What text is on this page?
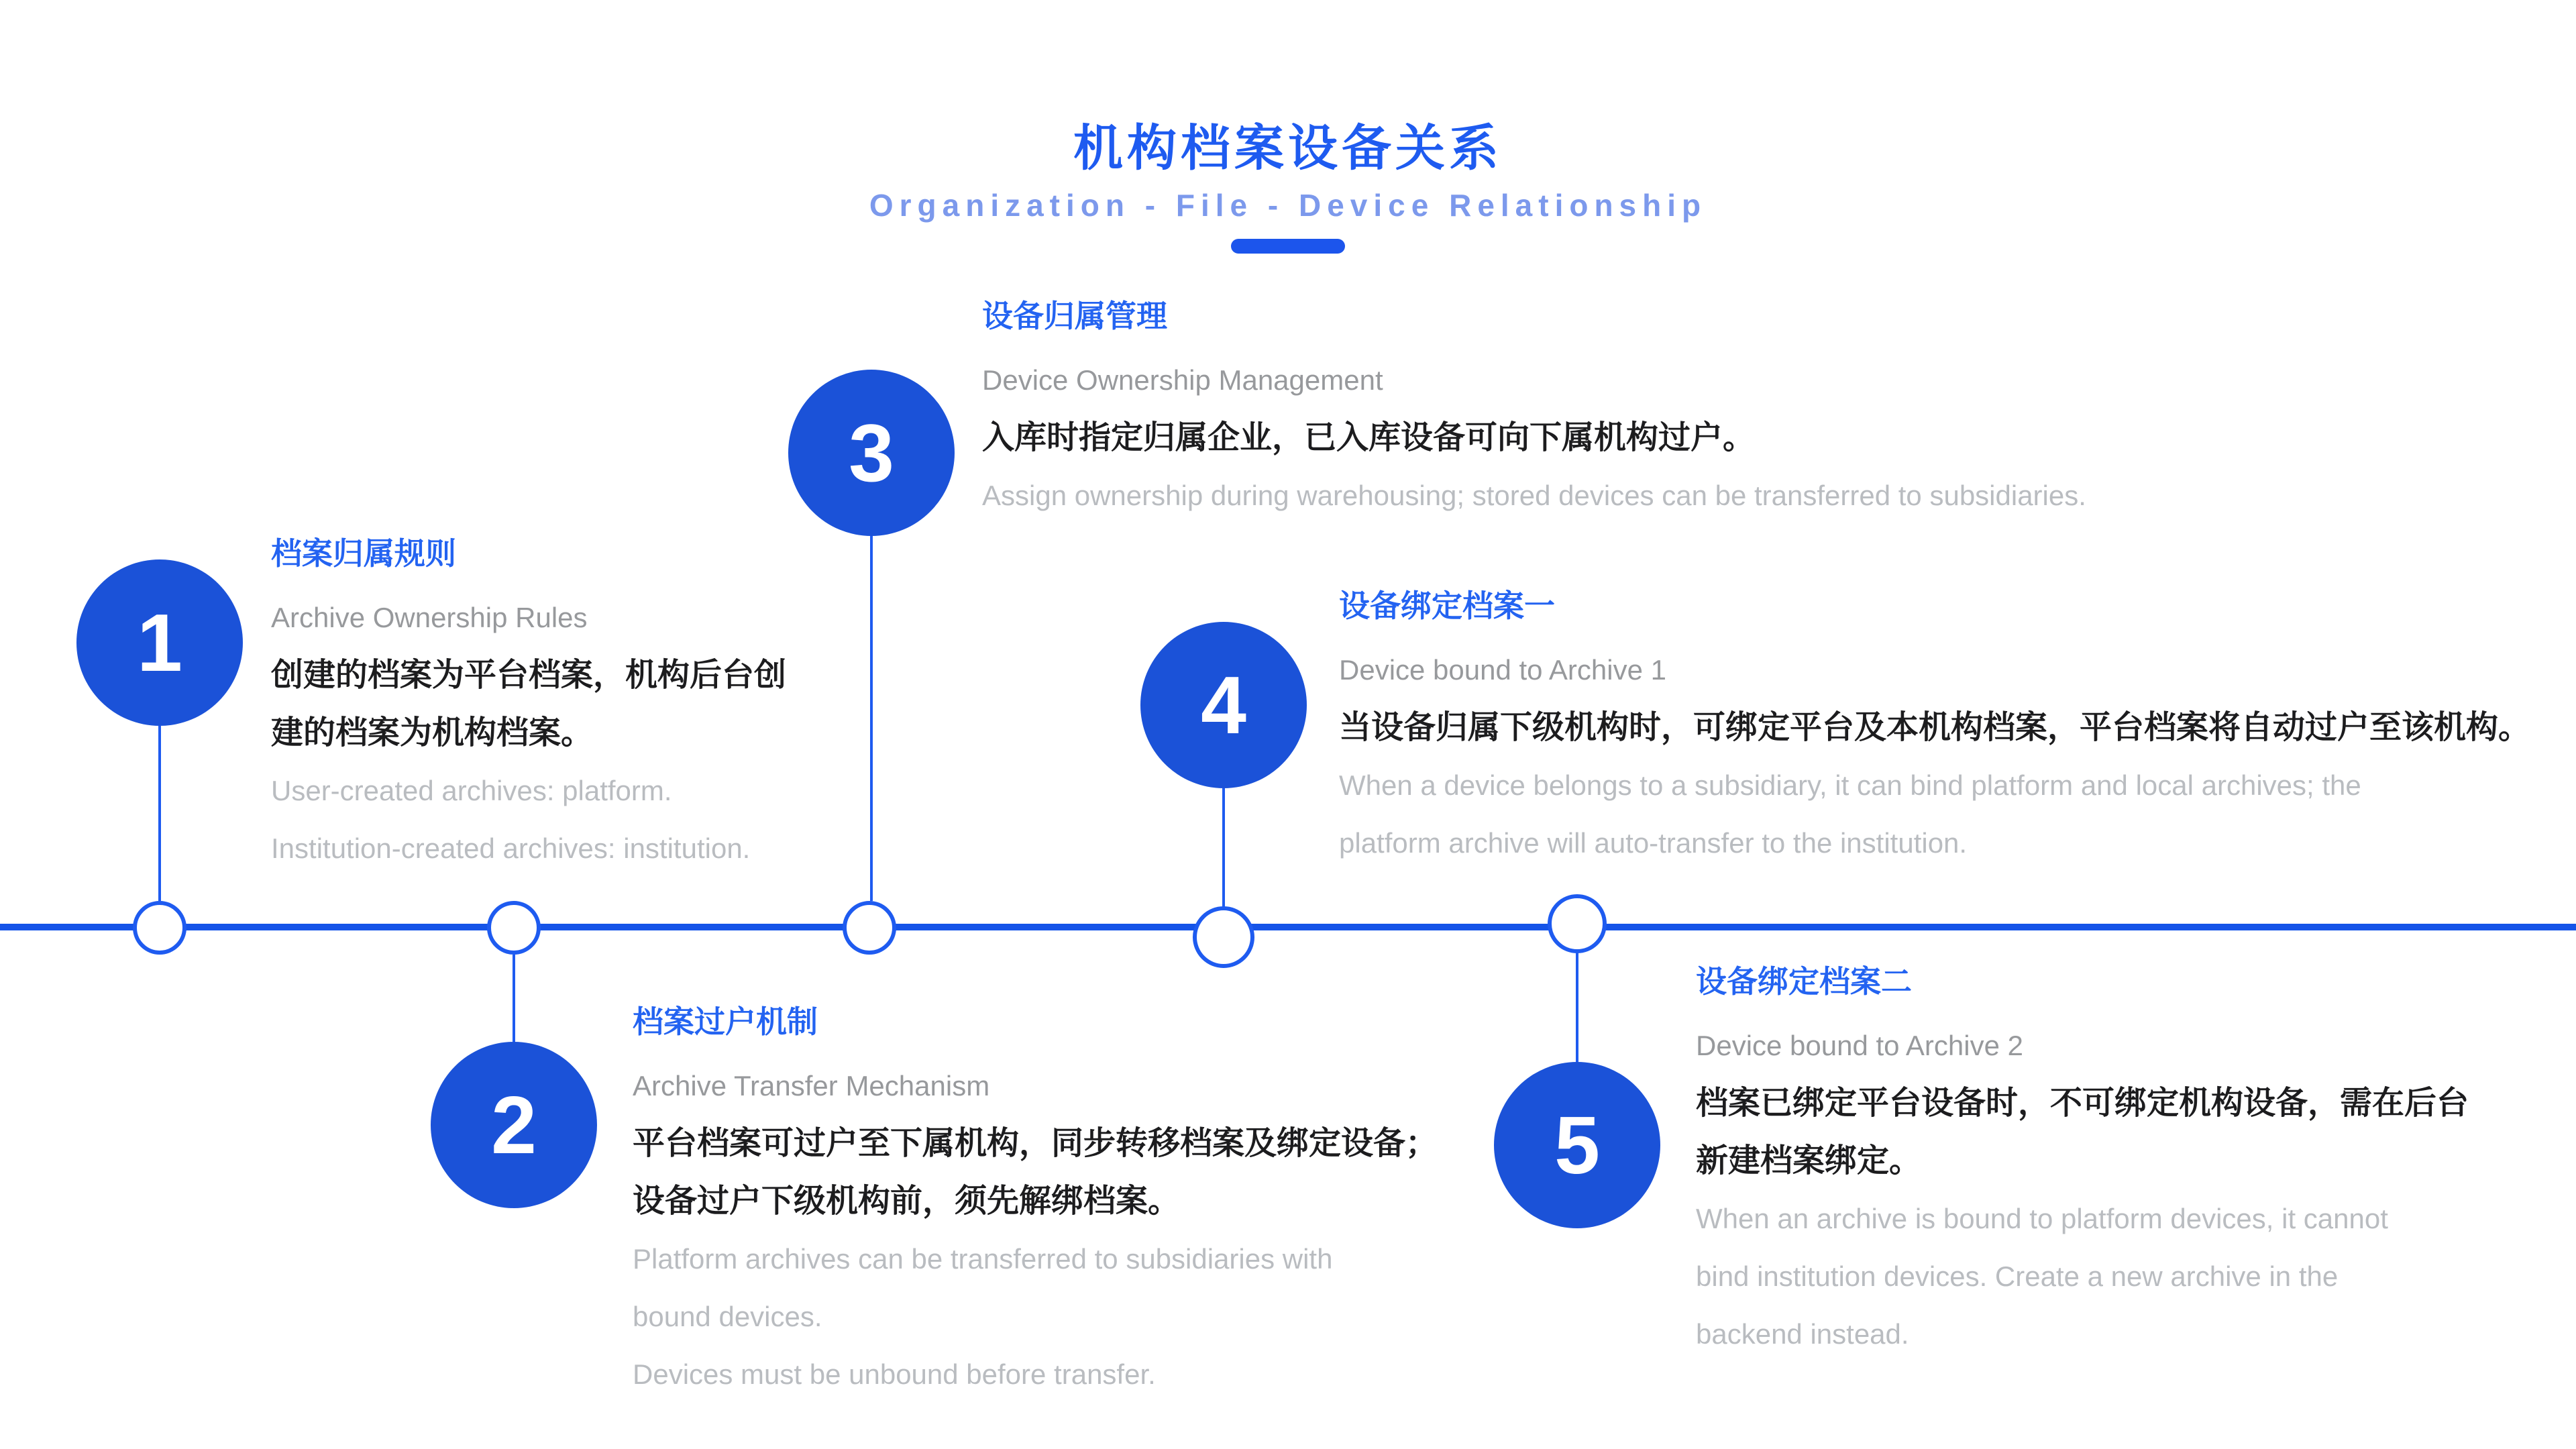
机构档案设备关系
Organization - File - Device Relationship
1
档案归属规则
Archive Ownership Rules
创建的档案为平台档案，机构后台创
建的档案为机构档案。
User-created archives: platform.
Institution-created archives: institution.
2
档案过户机制
Archive Transfer Mechanism
平台档案可过户至下属机构，同步转移档案及绑定设备；
设备过户下级机构前，须先解绑档案。
Platform archives can be transferred to subsidiaries with
bound devices.
Devices must be unbound before transfer.
3
设备归属管理
Device Ownership Management
入库时指定归属企业，已入库设备可向下属机构过户。
Assign ownership during warehousing; stored devices can be transferred to subsidiaries.
4
设备绑定档案一
Device bound to Archive 1
当设备归属下级机构时，可绑定平台及本机构档案，平台档案将自动过户至该机构。
When a device belongs to a subsidiary, it can bind platform and local archives; the
platform archive will auto-transfer to the institution.
5
设备绑定档案二
Device bound to Archive 2
档案已绑定平台设备时，不可绑定机构设备，需在后台
新建档案绑定。
When an archive is bound to platform devices, it cannot
bind institution devices. Create a new archive in the
backend instead.
